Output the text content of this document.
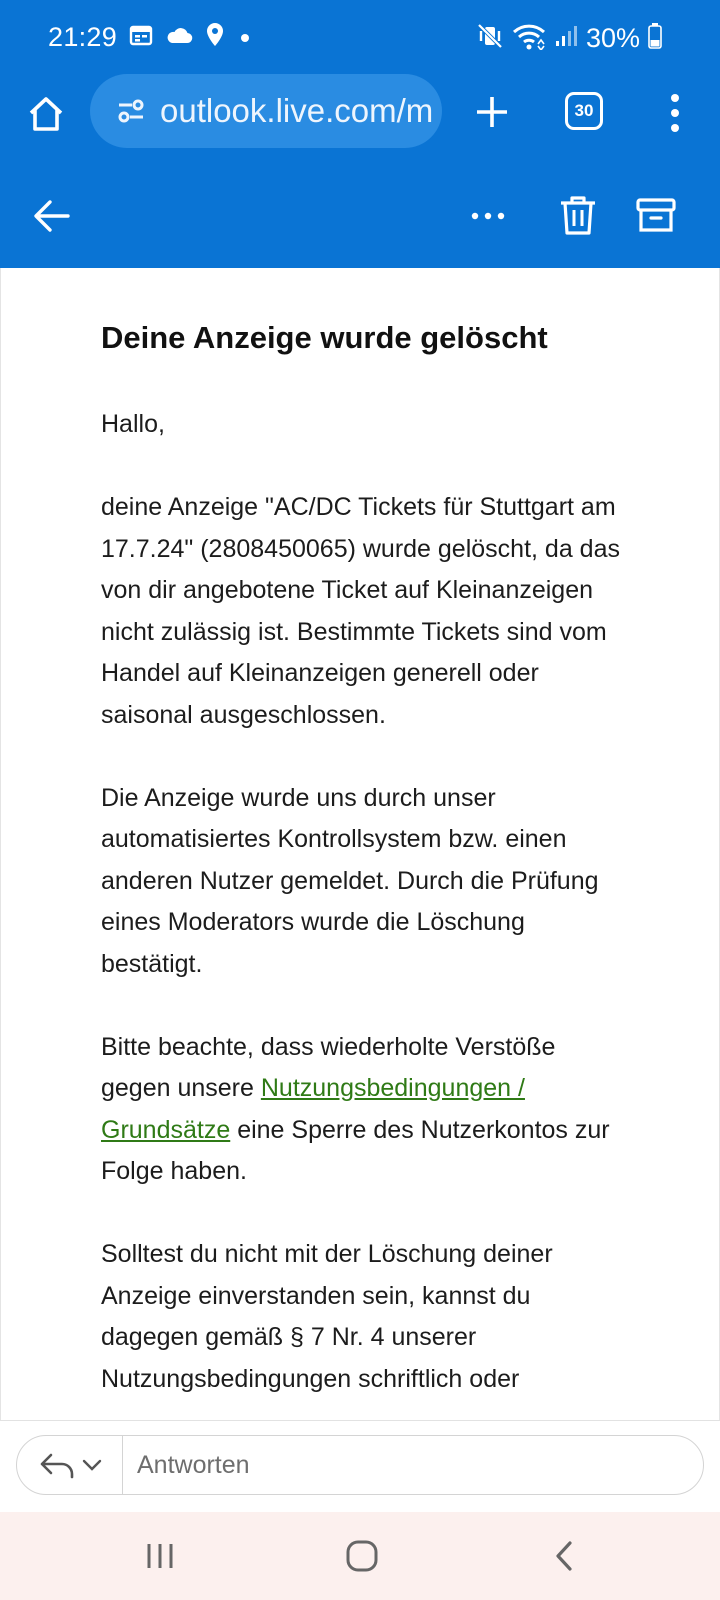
21:29	30%
outlook.live.com/m	30
Deine Anzeige wurde gelöscht

Hallo,

deine Anzeige "AC/DC Tickets für Stuttgart am 17.7.24" (2808450065) wurde gelöscht, da das von dir angebotene Ticket auf Kleinanzeigen nicht zulässig ist. Bestimmte Tickets sind vom Handel auf Kleinanzeigen generell oder saisonal ausgeschlossen.

Die Anzeige wurde uns durch unser automatisiertes Kontrollsystem bzw. einen anderen Nutzer gemeldet. Durch die Prüfung eines Moderators wurde die Löschung bestätigt.

Bitte beachte, dass wiederholte Verstöße gegen unsere Nutzungsbedingungen / Grundsätze eine Sperre des Nutzerkontos zur Folge haben.

Solltest du nicht mit der Löschung deiner Anzeige einverstanden sein, kannst du dagegen gemäß § 7 Nr. 4 unserer Nutzungsbedingungen schriftlich oder

Antworten
